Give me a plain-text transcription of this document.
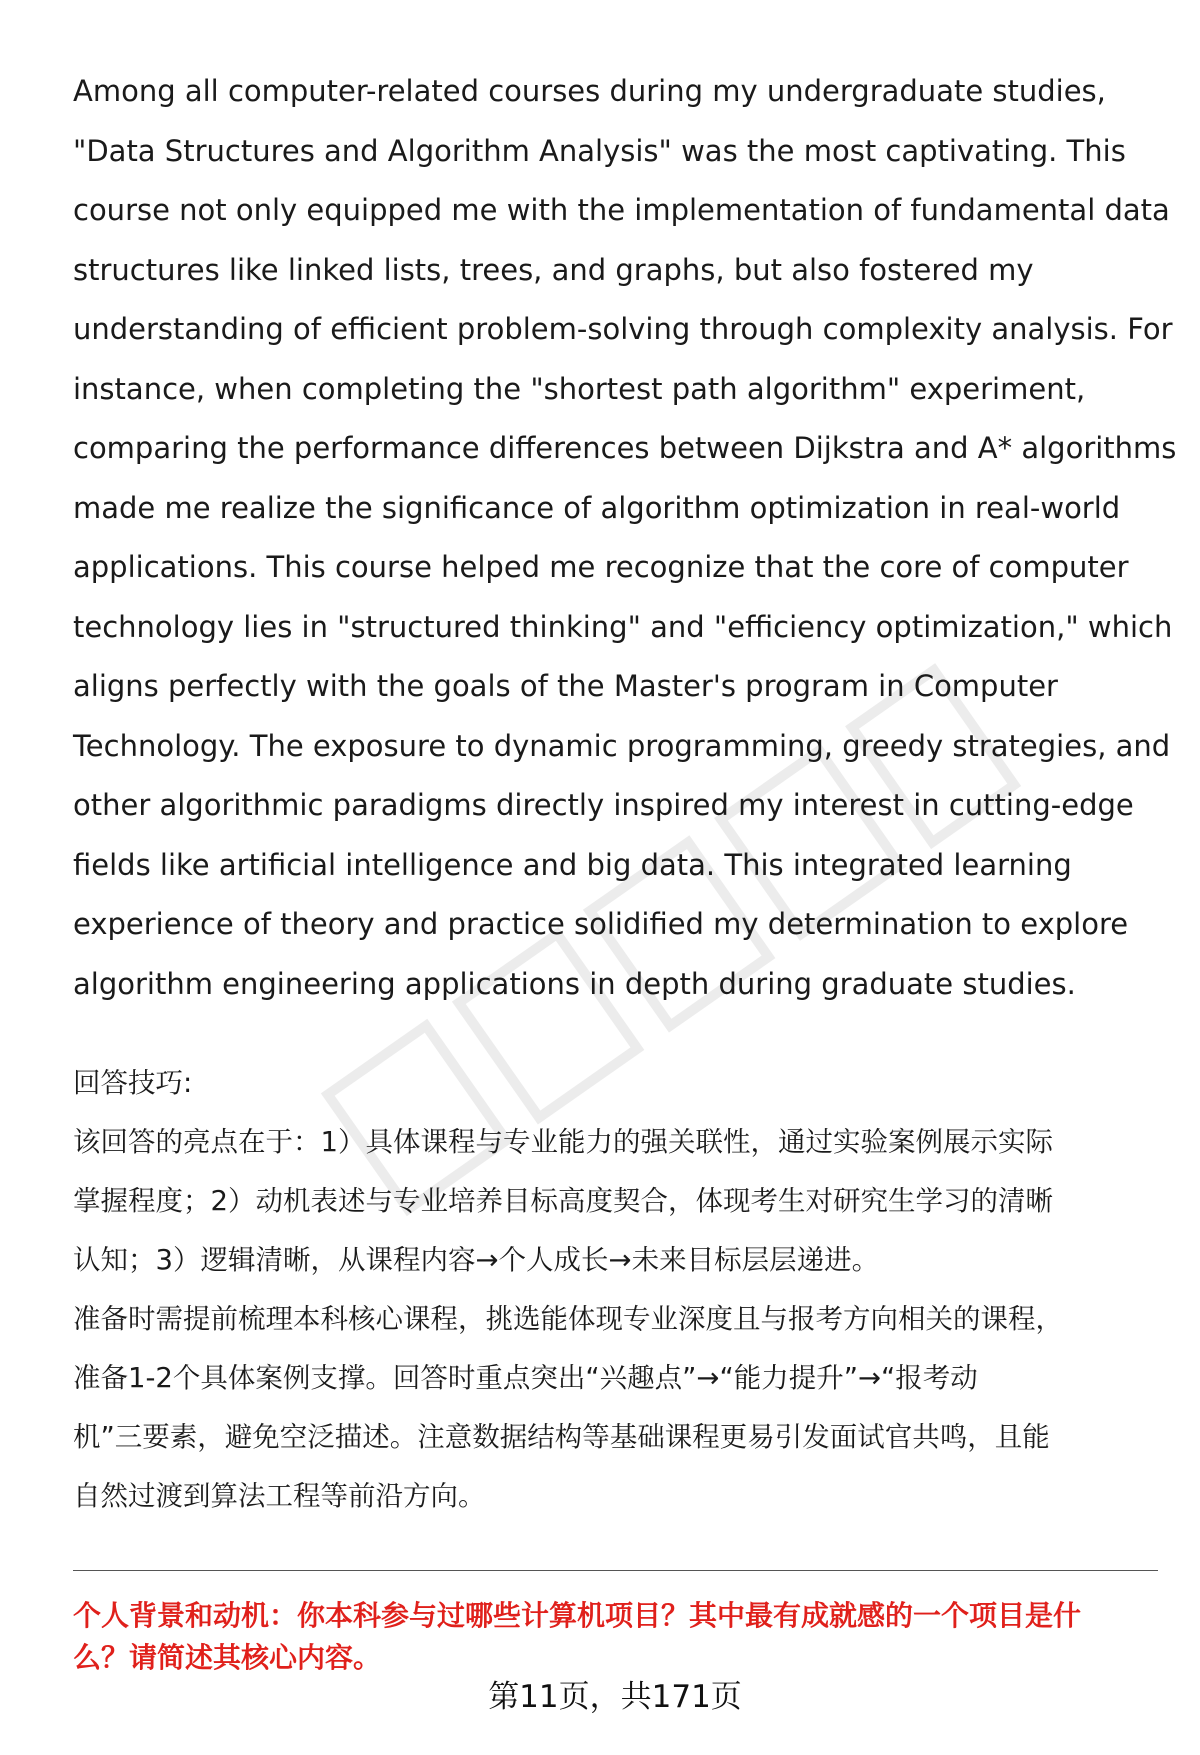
Among all computer-related courses during my undergraduate studies,
"Data Structures and Algorithm Analysis" was the most captivating. This
course not only equipped me with the implementation of fundamental data
structures like linked lists, trees, and graphs, but also fostered my
understanding of efficient problem-solving through complexity analysis. For
instance, when completing the "shortest path algorithm" experiment,
comparing the performance differences between Dijkstra and A* algorithms
made me realize the significance of algorithm optimization in real-world
applications. This course helped me recognize that the core of computer
technology lies in "structured thinking" and "efficiency optimization," which
aligns perfectly with the goals of the Master's program in Computer
Technology. The exposure to dynamic programming, greedy strategies, and
other algorithmic paradigms directly inspired my interest in cutting-edge
fields like artificial intelligence and big data. This integrated learning
experience of theory and practice solidified my determination to explore
algorithm engineering applications in depth during graduate studies.
回答技巧:
该回答的亮点在于：1）具体课程与专业能力的强关联性，通过实验案例展示实际
掌握程度；2）动机表述与专业培养目标高度契合，体现考生对研究生学习的清晰
认知；3）逻辑清晰，从课程内容→个人成长→未来目标层层递进。
准备时需提前梳理本科核心课程，挑选能体现专业深度且与报考方向相关的课程，
准备1-2个具体案例支撑。回答时重点突出“兴趣点”→“能力提升”→“报考动
机”三要素，避免空泛描述。注意数据结构等基础课程更易引发面试官共鸣，且能
自然过渡到算法工程等前沿方向。
个人背景和动机：你本科参与过哪些计算机项目？其中最有成就感的一个项目是什
么？请简述其核心内容。
第11页，共171页
